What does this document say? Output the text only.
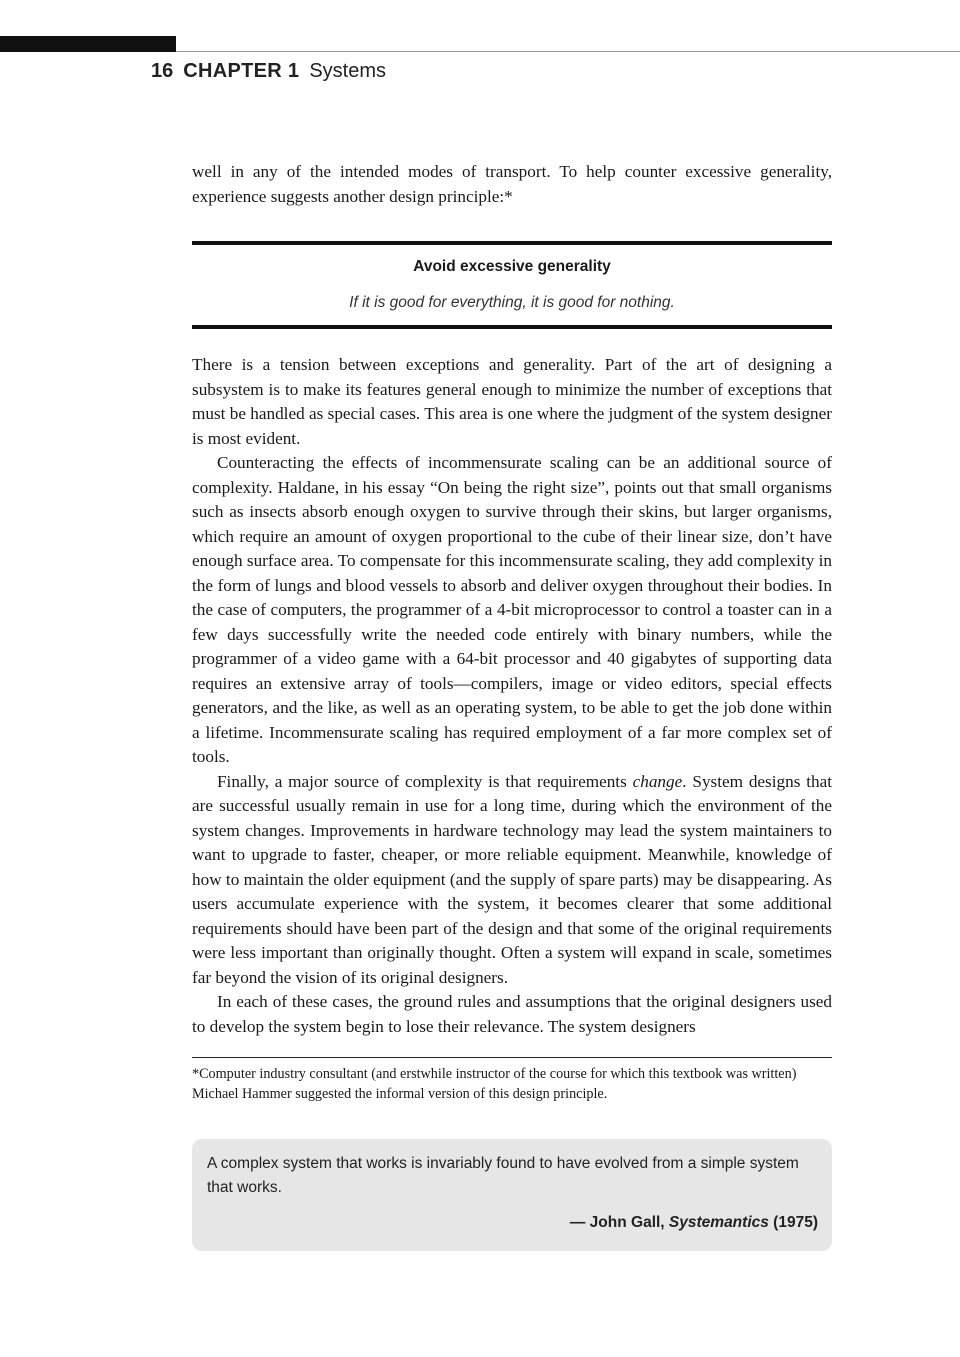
16 CHAPTER 1 Systems

well in any of the intended modes of transport. To help counter excessive generality, experience suggests another design principle:*

Avoid excessive generality
If it is good for everything, it is good for nothing.

There is a tension between exceptions and generality. Part of the art of designing a subsystem is to make its features general enough to minimize the number of exceptions that must be handled as special cases. This area is one where the judgment of the system designer is most evident.

Counteracting the effects of incommensurate scaling can be an additional source of complexity. Haldane, in his essay “On being the right size”, points out that small organisms such as insects absorb enough oxygen to survive through their skins, but larger organisms, which require an amount of oxygen proportional to the cube of their linear size, don’t have enough surface area. To compensate for this incommensurate scaling, they add complexity in the form of lungs and blood vessels to absorb and deliver oxygen throughout their bodies. In the case of computers, the programmer of a 4-bit microprocessor to control a toaster can in a few days successfully write the needed code entirely with binary numbers, while the programmer of a video game with a 64-bit processor and 40 gigabytes of supporting data requires an extensive array of tools—compilers, image or video editors, special effects generators, and the like, as well as an operating system, to be able to get the job done within a lifetime. Incommensurate scaling has required employment of a far more complex set of tools.

Finally, a major source of complexity is that requirements change. System designs that are successful usually remain in use for a long time, during which the environment of the system changes. Improvements in hardware technology may lead the system maintainers to want to upgrade to faster, cheaper, or more reliable equipment. Meanwhile, knowledge of how to maintain the older equipment (and the supply of spare parts) may be disappearing. As users accumulate experience with the system, it becomes clearer that some additional requirements should have been part of the design and that some of the original requirements were less important than originally thought. Often a system will expand in scale, sometimes far beyond the vision of its original designers.

In each of these cases, the ground rules and assumptions that the original designers used to develop the system begin to lose their relevance. The system designers

*Computer industry consultant (and erstwhile instructor of the course for which this textbook was written) Michael Hammer suggested the informal version of this design principle.

A complex system that works is invariably found to have evolved from a simple system that works.

— John Gall, Systemantics (1975)
